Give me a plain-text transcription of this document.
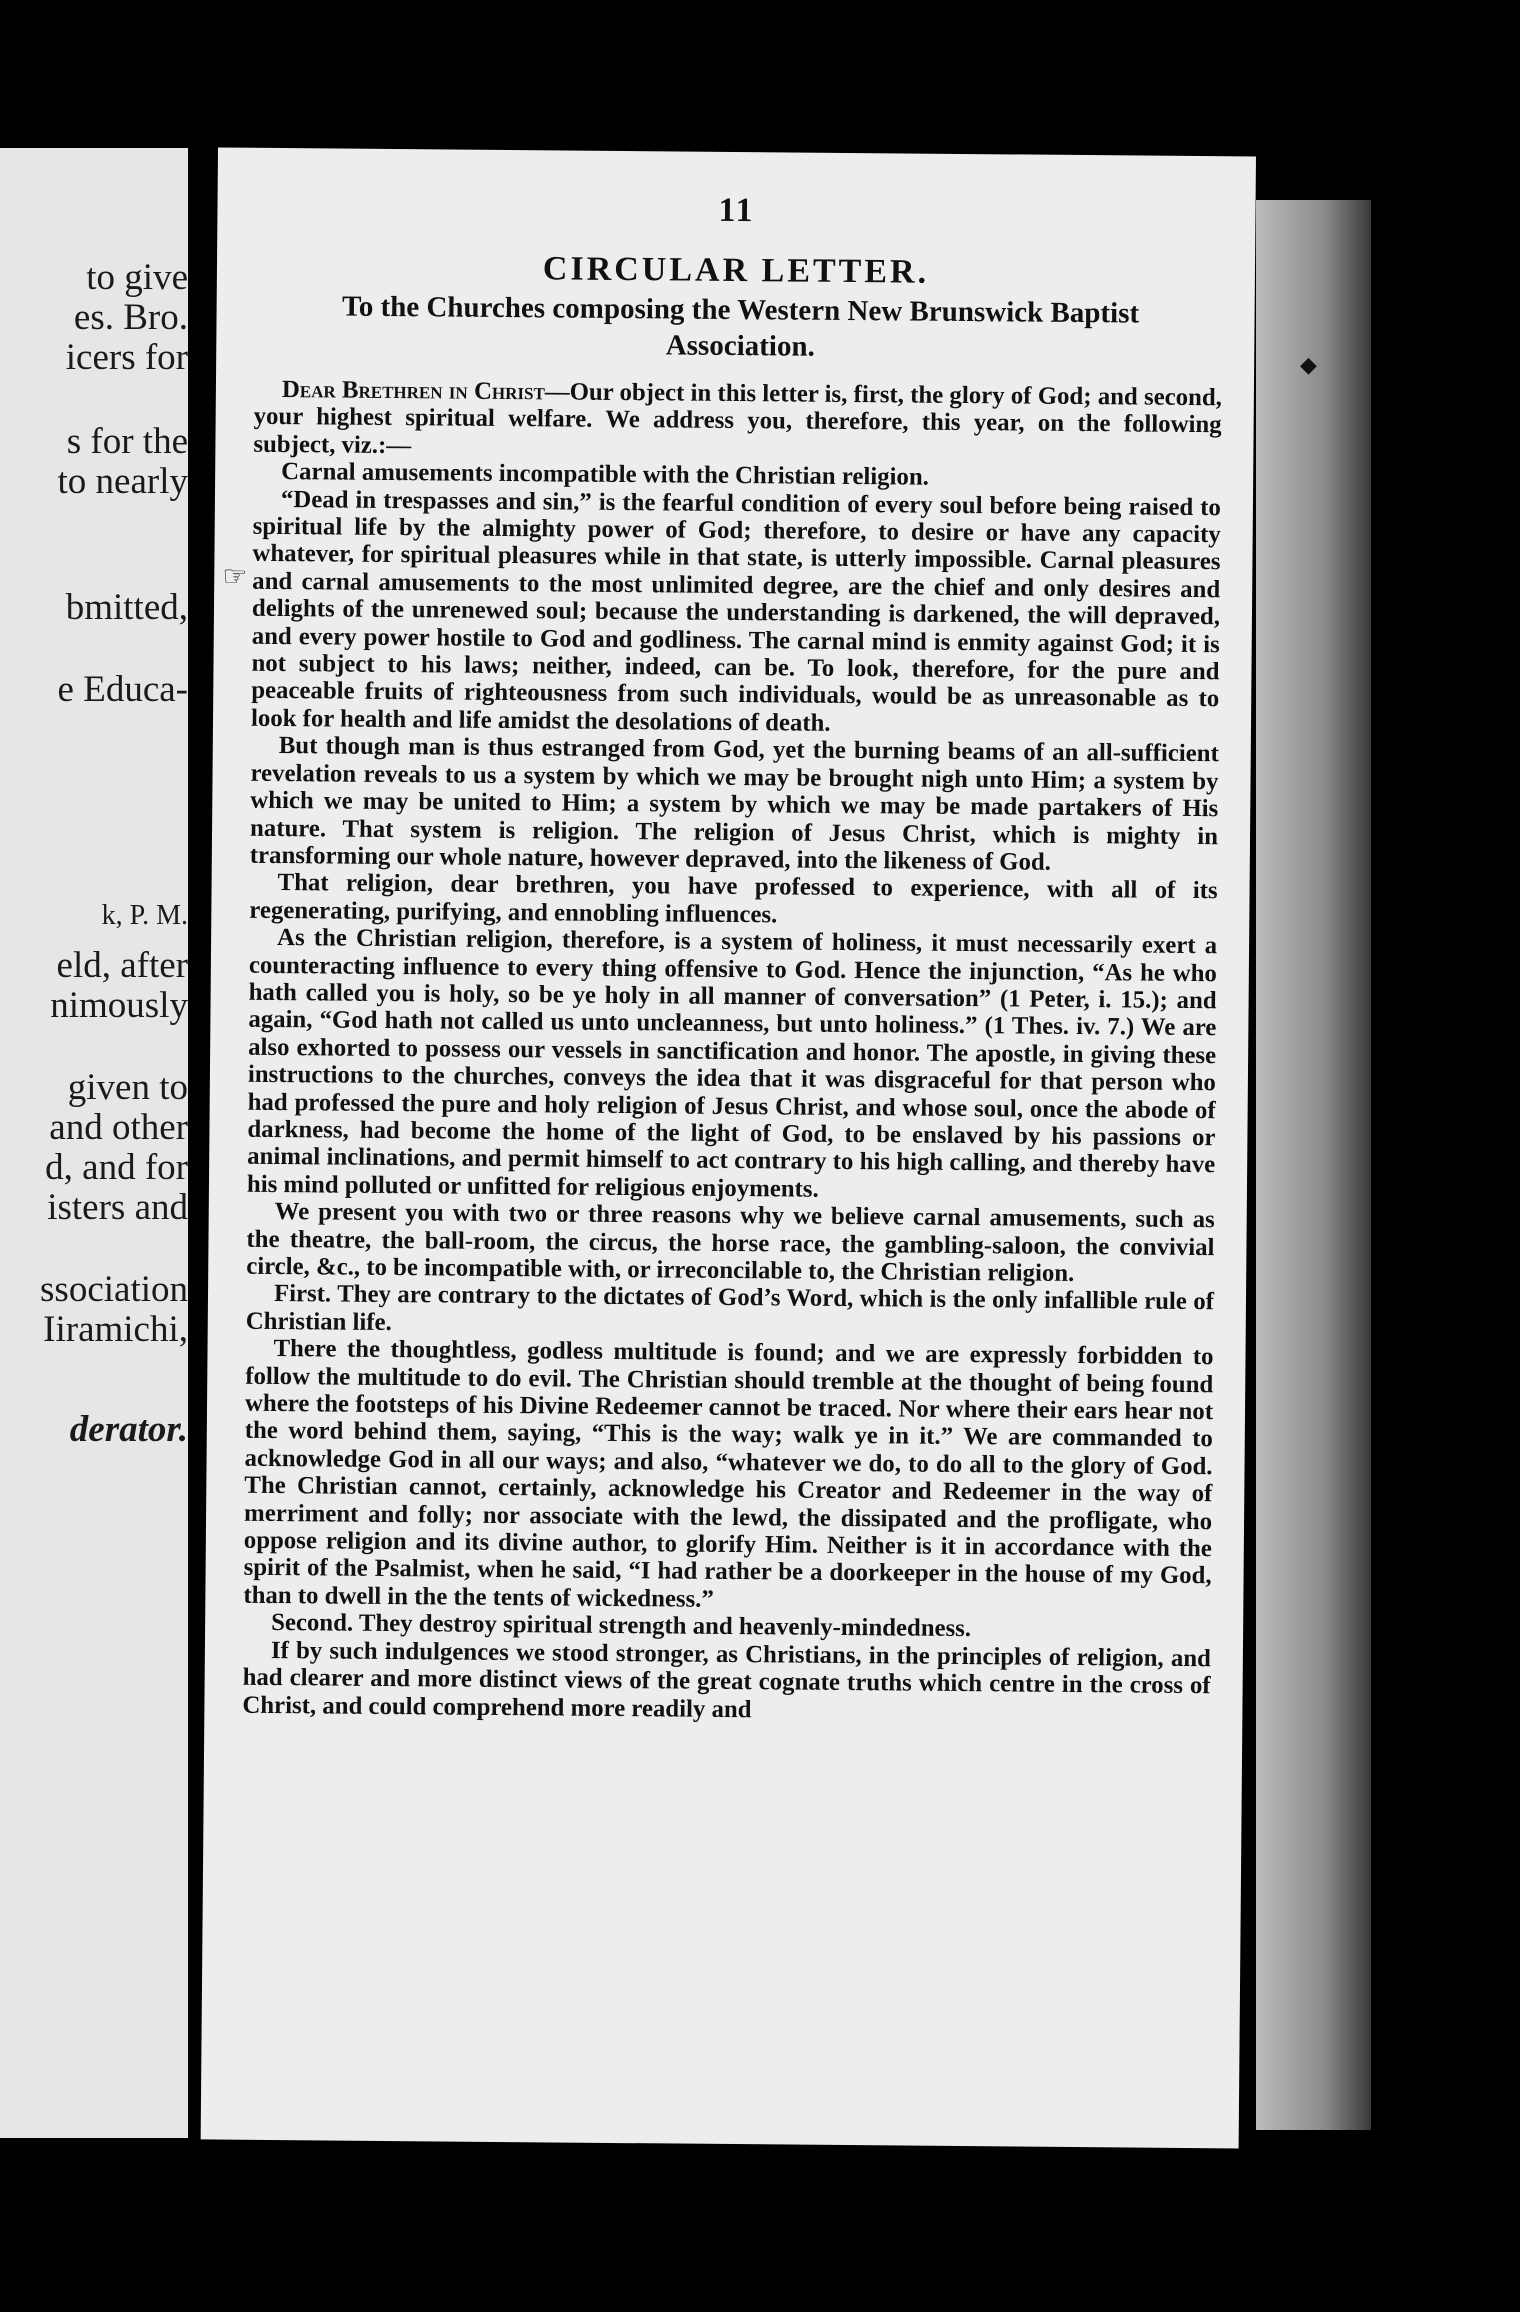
to give
es. Bro.
icers for
s for the
to nearly
bmitted,
e Educa-
k, P. M.
eld, after
nimously
given to
and other
d, and for
isters and
ssociation
Iiramichi,
derator.
11
CIRCULAR LETTER.
To the Churches composing the Western New Brunswick Baptist Association.
☞

Dear Brethren in Christ—Our object in this letter is, first, the glory of God; and second, your highest spiritual welfare. We address you, therefore, this year, on the following subject, viz.:—

Carnal amusements incompatible with the Christian religion.

“Dead in trespasses and sin,” is the fearful condition of every soul before being raised to spiritual life by the almighty power of God; therefore, to desire or have any capacity whatever, for spiritual pleasures while in that state, is utterly impossible. Carnal pleasures and carnal amusements to the most unlimited degree, are the chief and only desires and delights of the unrenewed soul; because the understanding is darkened, the will depraved, and every power hostile to God and godliness. The carnal mind is enmity against God; it is not subject to his laws; neither, indeed, can be. To look, therefore, for the pure and peaceable fruits of righteousness from such individuals, would be as unreasonable as to look for health and life amidst the desolations of death.

But though man is thus estranged from God, yet the burning beams of an all-sufficient revelation reveals to us a system by which we may be brought nigh unto Him; a system by which we may be united to Him; a system by which we may be made partakers of His nature. That system is religion. The religion of Jesus Christ, which is mighty in transforming our whole nature, however depraved, into the likeness of God.

That religion, dear brethren, you have professed to experience, with all of its regenerating, purifying, and ennobling influences.

As the Christian religion, therefore, is a system of holiness, it must necessarily exert a counteracting influence to every thing offensive to God. Hence the injunction, “As he who hath called you is holy, so be ye holy in all manner of conversation” (1 Peter, i. 15.); and again, “God hath not called us unto uncleanness, but unto holiness.” (1 Thes. iv. 7.) We are also exhorted to possess our vessels in sanctification and honor. The apostle, in giving these instructions to the churches, conveys the idea that it was disgraceful for that person who had professed the pure and holy religion of Jesus Christ, and whose soul, once the abode of darkness, had become the home of the light of God, to be enslaved by his passions or animal inclinations, and permit himself to act contrary to his high calling, and thereby have his mind polluted or unfitted for religious enjoyments.

We present you with two or three reasons why we believe carnal amusements, such as the theatre, the ball-room, the circus, the horse race, the gambling-saloon, the convivial circle, &c., to be incompatible with, or irreconcilable to, the Christian religion.

First. They are contrary to the dictates of God’s Word, which is the only infallible rule of Christian life.

There the thoughtless, godless multitude is found; and we are expressly forbidden to follow the multitude to do evil. The Christian should tremble at the thought of being found where the footsteps of his Divine Redeemer cannot be traced. Nor where their ears hear not the word behind them, saying, “This is the way; walk ye in it.” We are commanded to acknowledge God in all our ways; and also, “whatever we do, to do all to the glory of God. The Christian cannot, certainly, acknowledge his Creator and Redeemer in the way of merriment and folly; nor associate with the lewd, the dissipated and the profligate, who oppose religion and its divine author, to glorify Him. Neither is it in accordance with the spirit of the Psalmist, when he said, “I had rather be a doorkeeper in the house of my God, than to dwell in the the tents of wickedness.”

Second. They destroy spiritual strength and heavenly-mindedness.

If by such indulgences we stood stronger, as Christians, in the principles of religion, and had clearer and more distinct views of the great cognate truths which centre in the cross of Christ, and could comprehend more readily and

◆
